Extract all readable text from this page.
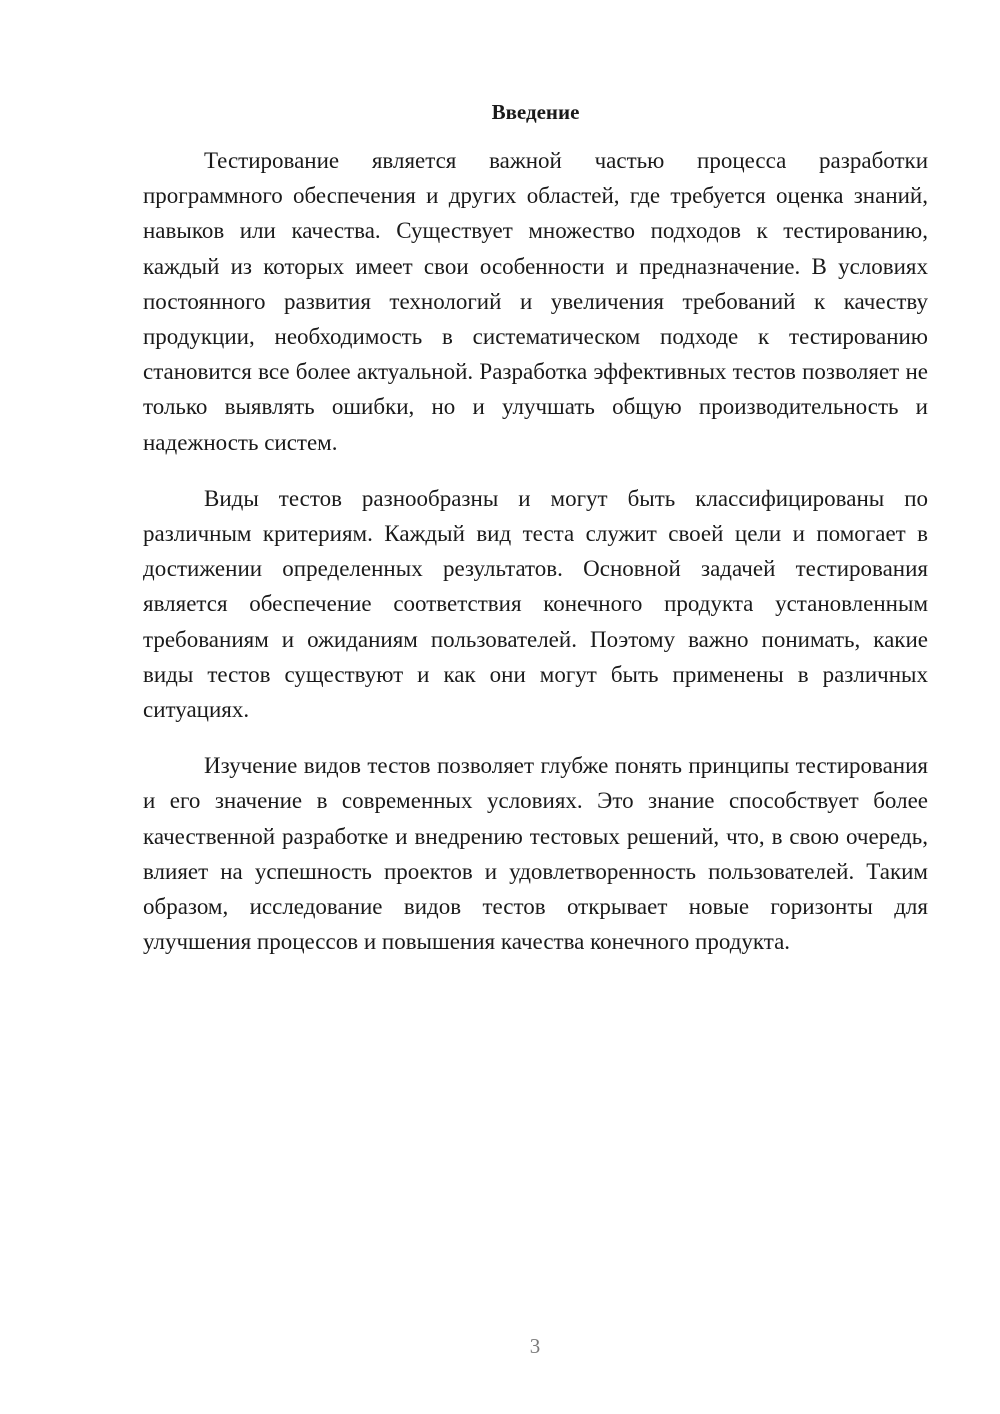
Введение

Тестирование является важной частью процесса разработки программного обеспечения и других областей, где требуется оценка знаний, навыков или качества. Существует множество подходов к тестированию, каждый из которых имеет свои особенности и предназначение. В условиях постоянного развития технологий и увеличения требований к качеству продукции, необходимость в систематическом подходе к тестированию становится все более актуальной. Разработка эффективных тестов позволяет не только выявлять ошибки, но и улучшать общую производительность и надежность систем.

Виды тестов разнообразны и могут быть классифицированы по различным критериям. Каждый вид теста служит своей цели и помогает в достижении определенных результатов. Основной задачей тестирования является обеспечение соответствия конечного продукта установленным требованиям и ожиданиям пользователей. Поэтому важно понимать, какие виды тестов существуют и как они могут быть применены в различных ситуациях.

Изучение видов тестов позволяет глубже понять принципы тестирования и его значение в современных условиях. Это знание способствует более качественной разработке и внедрению тестовых решений, что, в свою очередь, влияет на успешность проектов и удовлетворенность пользователей. Таким образом, исследование видов тестов открывает новые горизонты для улучшения процессов и повышения качества конечного продукта.

3
